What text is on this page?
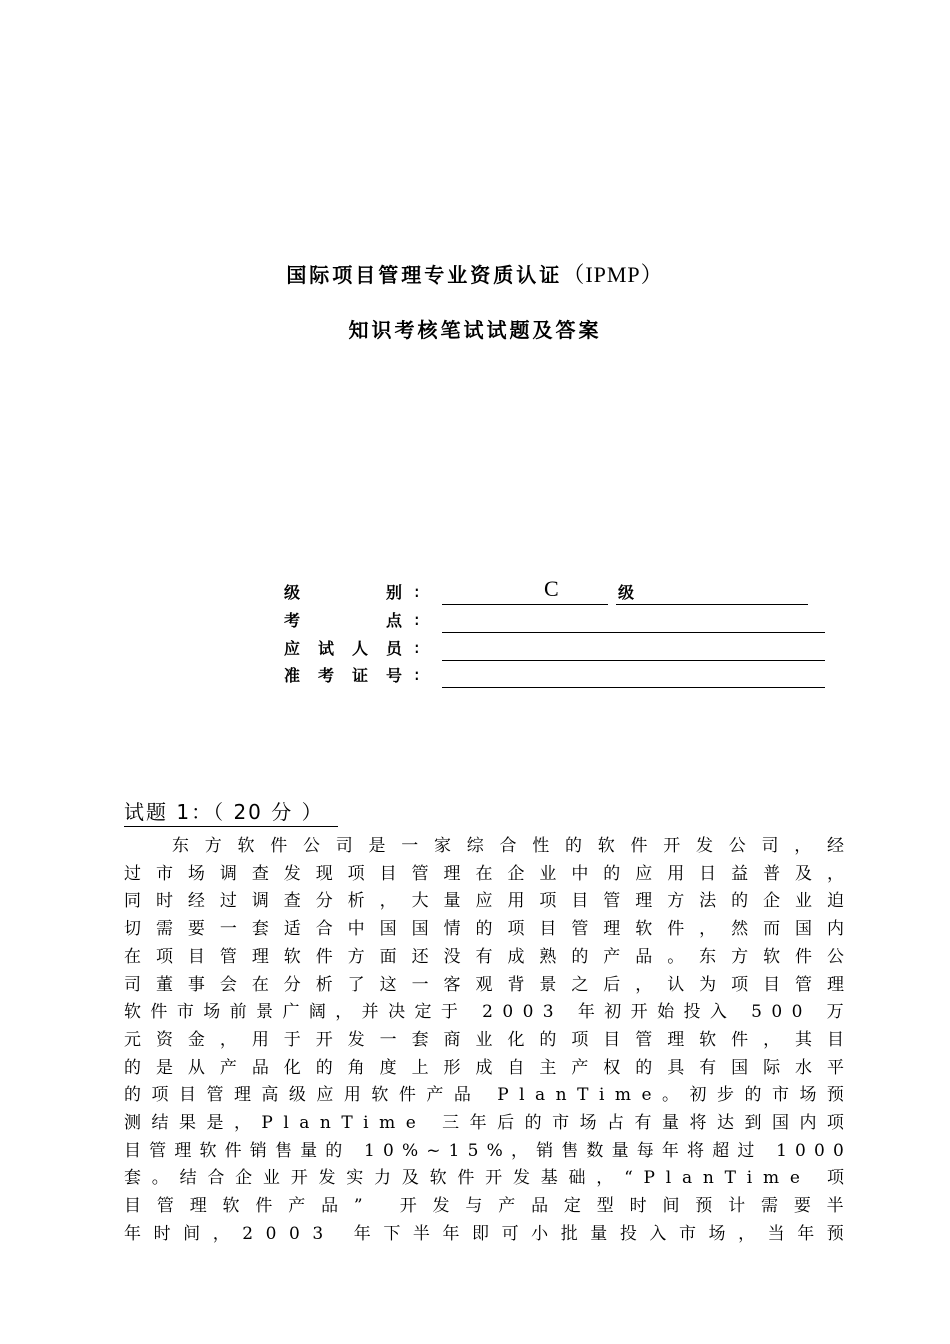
国际项目管理专业资质认证（IPMP）
知识考核笔试试题及答案
级	别 :	C	级
考	点 :
应 试 人 员 :
准 考 证 号 :
试题 1：（ 20 分 ）
东 方 软 件 公 司 是 一 家 综 合 性 的 软 件 开 发 公 司 ， 经
过 市 场 调 查 发 现 项 目 管 理 在 企 业 中 的 应 用 日 益 普 及 ，
同 时 经 过 调 查 分 析 ， 大 量 应 用 项 目 管 理 方 法 的 企 业 迫
切 需 要 一 套 适 合 中 国 国 情 的 项 目 管 理 软 件 ， 然 而 国 内
在 项 目 管 理 软 件 方 面 还 没 有 成 熟 的 产 品 。 东 方 软 件 公
司 董 事 会 在 分 析 了 这 一 客 观 背 景 之 后 ， 认 为 项 目 管 理
软 件 市 场 前 景 广 阔 ， 并 决 定 于
2 0 0 3
年 初 开 始 投 入
5 0 0
万
元 资 金 ， 用 于 开 发 一 套 商 业 化 的 项 目 管 理 软 件 ， 其 目
的 是 从 产 品 化 的 角 度 上 形 成 自 主 产 权 的 具 有 国 际 水 平
的 项 目 管 理 高 级 应 用 软 件 产 品
P l a n T i m e 。 初 步 的 市 场 预
测 结 果 是 ， P l a n T i m e
三 年 后 的 市 场 占 有 量 将 达 到 国 内 项
目 管 理 软 件 销 售 量 的
1 0 % ~ 1 5 % ， 销 售 数 量 每 年 将 超 过
1 0 0 0
套 。 结 合 企 业 开 发 实 力 及 软 件 开 发 基 础 ， “ P l a n T i m e
项
目 管 理 软 件 产 品 ”
开 发 与 产 品 定 型 时 间 预 计 需 要 半
年 时 间 ， 2 0 0 3
年 下 半 年 即 可 小 批 量 投 入 市 场 ， 当 年 预
